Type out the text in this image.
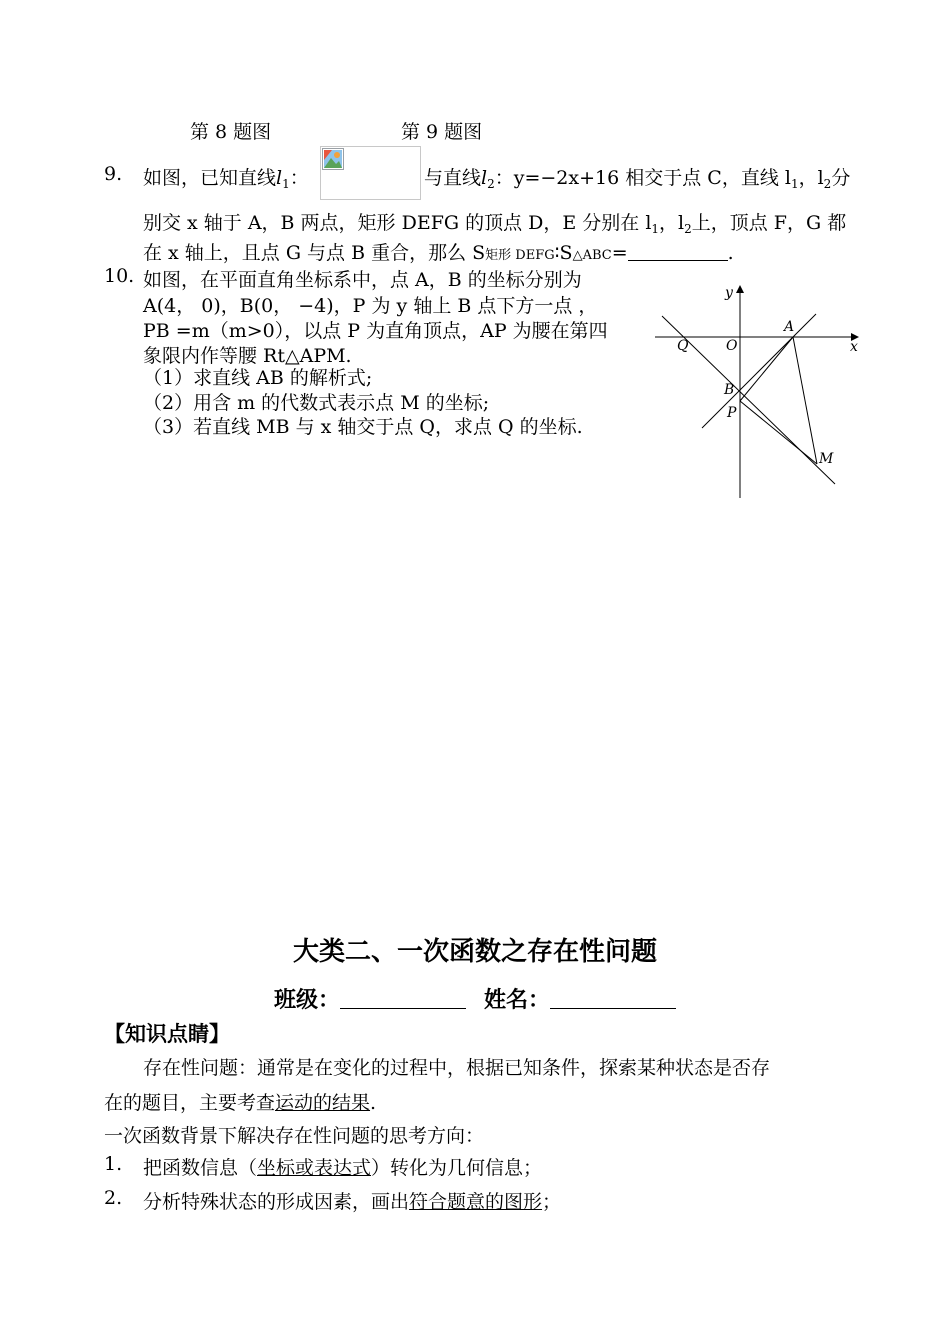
第 8 题图	第 9 题图
9. 如图，已知直线$l_1$：	与直线$l_2$：y=−2x+16 相交于点 C，直线 $l_1$，$l_2$分
别交 x 轴于 A，B 两点，矩形 DEFG 的顶点 D，E 分别在 $l_1$，$l_2$上，顶点 F，G 都
在 x 轴上，且点 G 与点 B 重合，那么 S矩形 DEFG∶S△ABC=	.
10. 如图，在平面直角坐标系中，点 A，B 的坐标分别为
A(4， 0)，B(0， −4)，P 为 y 轴上 B 点下方一点 ，
PB =m（m>0），以点 P 为直角顶点，AP 为腰在第四
象限内作等腰 Rt△APM.
（1）求直线 AB 的解析式;
（2）用含 m 的代数式表示点 M 的坐标;
（3）若直线 MB 与 x 轴交于点 Q，求点 Q 的坐标.
y
x
A
Q	O
B
P
M
大类二、一次函数之存在性问题
班级：	姓名：
【知识点睛】
存在性问题：通常是在变化的过程中，根据已知条件，探索某种状态是否存
在的题目，主要考查运动的结果.
一次函数背景下解决存在性问题的思考方向：
1. 把函数信息（坐标或表达式）转化为几何信息；
2. 分析特殊状态的形成因素，画出符合题意的图形；
